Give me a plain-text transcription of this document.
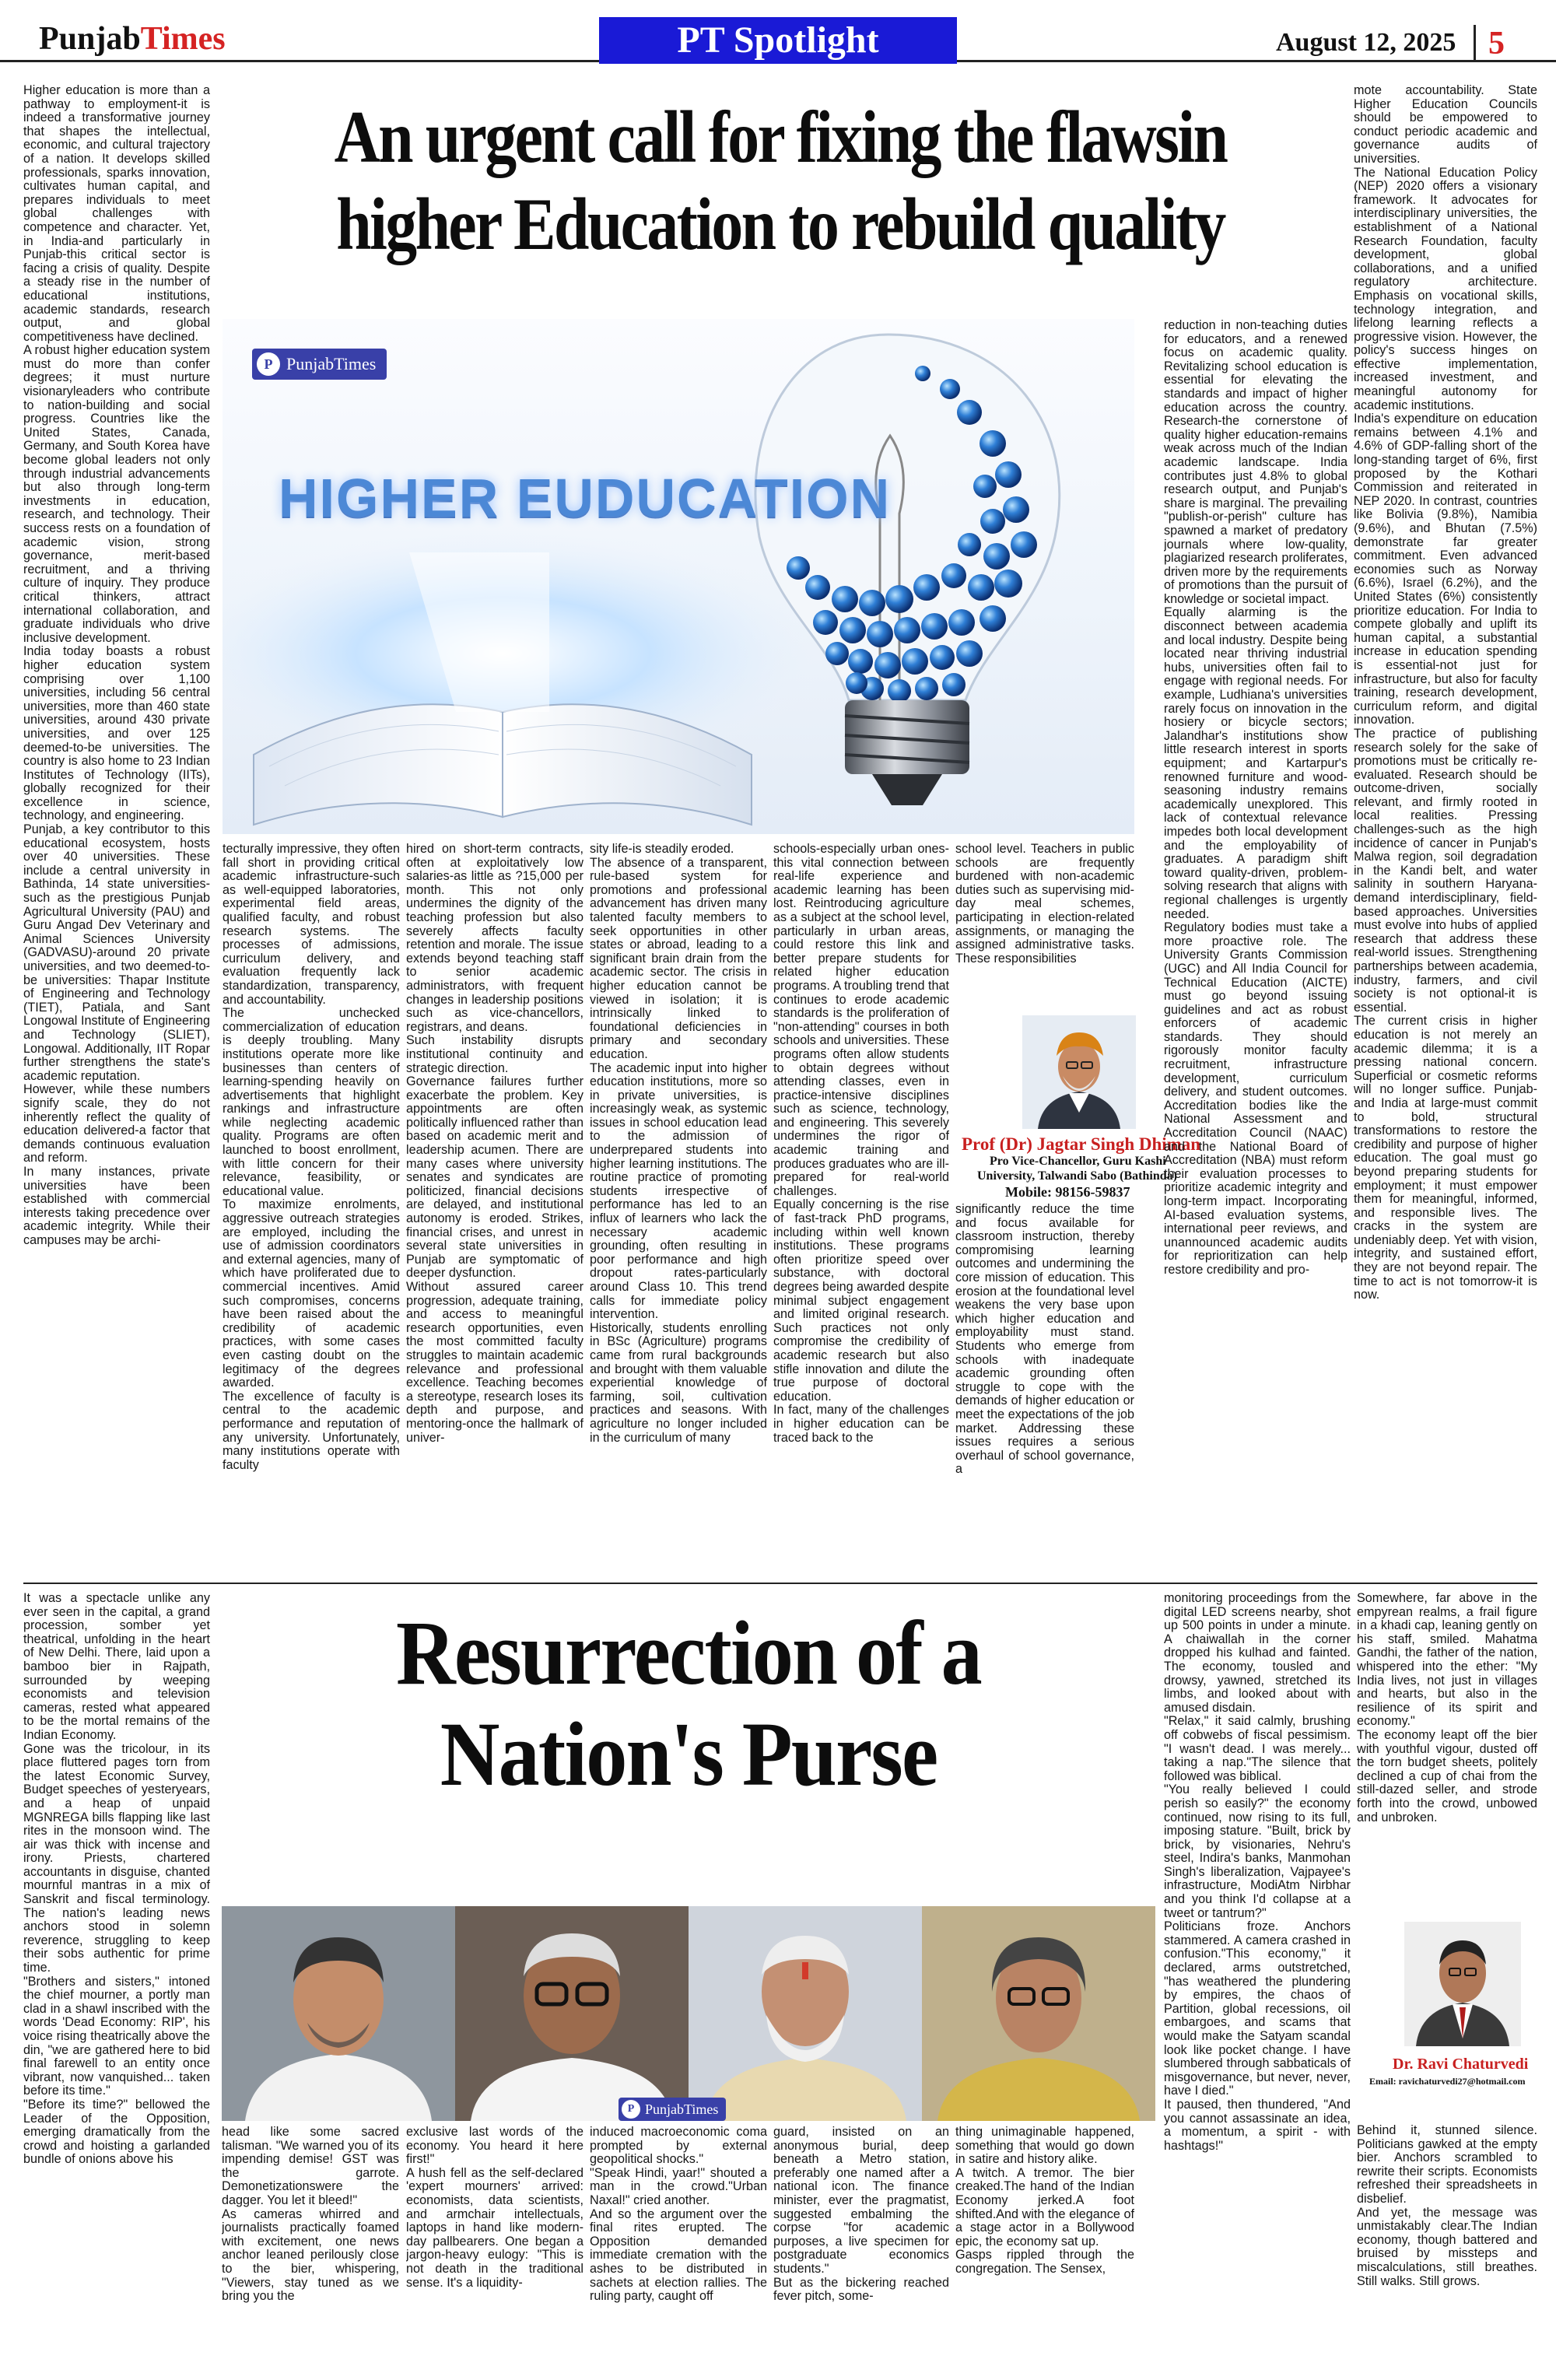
PunjabTimes	PT Spotlight	August 12, 2025 5

Higher education is more than a pathway to employment-it is indeed a transformative journey that shapes the intellectual, economic, and cultural trajectory of a nation. It develops skilled professionals, sparks innovation, cultivates human capital, and prepares individuals to meet global challenges with competence and character. Yet, in India-and particularly in Punjab-this critical sector is facing a crisis of quality. Despite a steady rise in the number of educational institutions, academic standards, research output, and global competitiveness have declined.
A robust higher education system must do more than confer degrees; it must nurture visionaryleaders who contribute to nation-building and social progress. Countries like the United States, Canada, Germany, and South Korea have become global leaders not only through industrial advancements but also through long-term investments in education, research, and technology. Their success rests on a foundation of academic vision, strong governance, merit-based recruitment, and a thriving culture of inquiry. They produce critical thinkers, attract international collaboration, and graduate individuals who drive inclusive development.
India today boasts a robust higher education system comprising over 1,100 universities, including 56 central universities, more than 460 state universities, around 430 private universities, and over 125 deemed-to-be universities. The country is also home to 23 Indian Institutes of Technology (IITs), globally recognized for their excellence in science, technology, and engineering.
Punjab, a key contributor to this educational ecosystem, hosts over 40 universities. These include a central university in Bathinda, 14 state universities-such as the prestigious Punjab Agricultural University (PAU) and Guru Angad Dev Veterinary and Animal Sciences University (GADVASU)-around 20 private universities, and two deemed-to-be universities: Thapar Institute of Engineering and Technology (TIET), Patiala, and Sant Longowal Institute of Engineering and Technology (SLIET), Longowal. Additionally, IIT Ropar further strengthens the state's academic reputation.
However, while these numbers signify scale, they do not inherently reflect the quality of education delivered-a factor that demands continuous evaluation and reform.
In many instances, private universities have been established with commercial interests taking precedence over academic integrity. While their campuses may be archi-

An urgent call for fixing the flawsin
higher Education to rebuild quality
P PunjabTimes
HIGHER EUDUCATION

tecturally impressive, they often fall short in providing critical academic infrastructure-such as well-equipped laboratories, experimental field areas, qualified faculty, and robust research systems. The processes of admissions, curriculum delivery, and evaluation frequently lack standardization, transparency, and accountability.
The unchecked commercialization of education is deeply troubling. Many institutions operate more like businesses than centers of learning-spending heavily on advertisements that highlight rankings and infrastructure while neglecting academic quality. Programs are often launched to boost enrollment, with little concern for their relevance, feasibility, or educational value.
To maximize enrolments, aggressive outreach strategies are employed, including the use of admission coordinators and external agencies, many of which have proliferated due to commercial incentives. Amid such compromises, concerns have been raised about the credibility of academic practices, with some cases even casting doubt on the legitimacy of the degrees awarded.
The excellence of faculty is central to the academic performance and reputation of any university. Unfortunately, many institutions operate with faculty

hired on short-term contracts, often at exploitatively low salaries-as little as ?15,000 per month. This not only undermines the dignity of the teaching profession but also severely affects faculty retention and morale. The issue extends beyond teaching staff to senior academic administrators, with frequent changes in leadership positions such as vice-chancellors, registrars, and deans.
Such instability disrupts institutional continuity and strategic direction.
Governance failures further exacerbate the problem. Key appointments are often politically influenced rather than based on academic merit and leadership acumen. There are many cases where university senates and syndicates are politicized, financial decisions are delayed, and institutional autonomy is eroded. Strikes, financial crises, and unrest in several state universities in Punjab are symptomatic of deeper dysfunction.
Without assured career progression, adequate training, and access to meaningful research opportunities, even the most committed faculty struggles to maintain academic relevance and professional excellence. Teaching becomes a stereotype, research loses its depth and purpose, and mentoring-once the hallmark of univer-

sity life-is steadily eroded.
The absence of a transparent, rule-based system for promotions and professional advancement has driven many talented faculty members to seek opportunities in other states or abroad, leading to a significant brain drain from the academic sector. The crisis in higher education cannot be viewed in isolation; it is intrinsically linked to foundational deficiencies in primary and secondary education.
The academic input into higher education institutions, more so in private universities, is increasingly weak, as systemic issues in school education lead to the admission of underprepared students into higher learning institutions. The routine practice of promoting students irrespective of performance has led to an influx of learners who lack the necessary academic grounding, often resulting in poor performance and high dropout rates-particularly around Class 10. This trend calls for immediate policy intervention.
Historically, students enrolling in BSc (Agriculture) programs came from rural backgrounds and brought with them valuable experiential knowledge of farming, soil, cultivation practices and seasons. With agriculture no longer included in the curriculum of many

schools-especially urban ones-this vital connection between real-life experience and academic learning has been lost. Reintroducing agriculture as a subject at the school level, particularly in urban areas, could restore this link and better prepare students for related higher education programs. A troubling trend that continues to erode academic standards is the proliferation of "non-attending" courses in both schools and universities. These programs often allow students to obtain degrees without attending classes, even in practice-intensive disciplines such as science, technology, and engineering. This severely undermines the rigor of academic training and produces graduates who are ill-prepared for real-world challenges.
Equally concerning is the rise of fast-track PhD programs, including within well known institutions. These programs often prioritize speed over substance, with doctoral degrees being awarded despite minimal subject engagement and limited original research. Such practices not only compromise the credibility of academic research but also stifle innovation and dilute the true purpose of doctoral education.
In fact, many of the challenges in higher education can be traced back to the

school level. Teachers in public schools are frequently burdened with non-academic duties such as supervising mid-day meal schemes, participating in election-related assignments, or managing the assigned administrative tasks. These responsibilities

Prof (Dr) Jagtar Singh Dhiman
Pro Vice-Chancellor, Guru Kashi
University, Talwandi Sabo (Bathinda)
Mobile: 98156-59837

significantly reduce the time and focus available for classroom instruction, thereby compromising learning outcomes and undermining the core mission of education. This erosion at the foundational level weakens the very base upon which higher education and employability must stand. Students who emerge from schools with inadequate academic grounding often struggle to cope with the demands of higher education or meet the expectations of the job market. Addressing these issues requires a serious overhaul of school governance, a

reduction in non-teaching duties for educators, and a renewed focus on academic quality. Revitalizing school education is essential for elevating the standards and impact of higher education across the country. Research-the cornerstone of quality higher education-remains weak across much of the Indian academic landscape. India contributes just 4.8% to global research output, and Punjab's share is marginal. The prevailing "publish-or-perish" culture has spawned a market of predatory journals where low-quality, plagiarized research proliferates, driven more by the requirements of promotions than the pursuit of knowledge or societal impact.
Equally alarming is the disconnect between academia and local industry. Despite being located near thriving industrial hubs, universities often fail to engage with regional needs. For example, Ludhiana's universities rarely focus on innovation in the hosiery or bicycle sectors; Jalandhar's institutions show little research interest in sports equipment; and Kartarpur's renowned furniture and wood-seasoning industry remains academically unexplored. This lack of contextual relevance impedes both local development and the employability of graduates. A paradigm shift toward quality-driven, problem-solving research that aligns with regional challenges is urgently needed.
Regulatory bodies must take a more proactive role. The University Grants Commission (UGC) and All India Council for Technical Education (AICTE) must go beyond issuing guidelines and act as robust enforcers of academic standards. They should rigorously monitor faculty recruitment, infrastructure development, curriculum delivery, and student outcomes. Accreditation bodies like the National Assessment and Accreditation Council (NAAC) and the National Board of Accreditation (NBA) must reform their evaluation processes to prioritize academic integrity and long-term impact. Incorporating AI-based evaluation systems, international peer reviews, and unannounced academic audits for reprioritization can help restore credibility and pro-

mote accountability. State Higher Education Councils should be empowered to conduct periodic academic and governance audits of universities.
The National Education Policy (NEP) 2020 offers a visionary framework. It advocates for interdisciplinary universities, the establishment of a National Research Foundation, faculty development, global collaborations, and a unified regulatory architecture. Emphasis on vocational skills, technology integration, and lifelong learning reflects a progressive vision. However, the policy's success hinges on effective implementation, increased investment, and meaningful autonomy for academic institutions.
India's expenditure on education remains between 4.1% and 4.6% of GDP-falling short of the long-standing target of 6%, first proposed by the Kothari Commission and reiterated in NEP 2020. In contrast, countries like Bolivia (9.8%), Namibia (9.6%), and Bhutan (7.5%) demonstrate far greater commitment. Even advanced economies such as Norway (6.6%), Israel (6.2%), and the United States (6%) consistently prioritize education. For India to compete globally and uplift its human capital, a substantial increase in education spending is essential-not just for infrastructure, but also for faculty training, research development, curriculum reform, and digital innovation.
The practice of publishing research solely for the sake of promotions must be critically re-evaluated. Research should be outcome-driven, socially relevant, and firmly rooted in local realities. Pressing challenges-such as the high incidence of cancer in Punjab's Malwa region, soil degradation in the Kandi belt, and water salinity in southern Haryana-demand interdisciplinary, field-based approaches. Universities must evolve into hubs of applied research that address these real-world issues. Strengthening partnerships between academia, industry, farmers, and civil society is not optional-it is essential.
The current crisis in higher education is not merely an academic dilemma; it is a pressing national concern. Superficial or cosmetic reforms will no longer suffice. Punjab-and India at large-must commit to bold, structural transformations to restore the credibility and purpose of higher education. The goal must go beyond preparing students for employment; it must empower them for meaningful, informed, and responsible lives. The cracks in the system are undeniably deep. Yet with vision, integrity, and sustained effort, they are not beyond repair. The time to act is not tomorrow-it is now.

It was a spectacle unlike any ever seen in the capital, a grand procession, somber yet theatrical, unfolding in the heart of New Delhi. There, laid upon a bamboo bier in Rajpath, surrounded by weeping economists and television cameras, rested what appeared to be the mortal remains of the Indian Economy.
Gone was the tricolour, in its place fluttered pages torn from the latest Economic Survey, Budget speeches of yesteryears, and a heap of unpaid MGNREGA bills flapping like last rites in the monsoon wind. The air was thick with incense and irony. Priests, chartered accountants in disguise, chanted mournful mantras in a mix of Sanskrit and fiscal terminology. The nation's leading news anchors stood in solemn reverence, struggling to keep their sobs authentic for prime time.
"Brothers and sisters," intoned the chief mourner, a portly man clad in a shawl inscribed with the words 'Dead Economy: RIP', his voice rising theatrically above the din, "we are gathered here to bid final farewell to an entity once vibrant, now vanquished... taken before its time."
"Before its time?" bellowed the Leader of the Opposition, emerging dramatically from the crowd and hoisting a garlanded bundle of onions above his

Resurrection of a
Nation's Purse
P PunjabTimes

head like some sacred talisman. "We warned you of its impending demise! GST was the garrote. Demonetizationswere the dagger. You let it bleed!"
As cameras whirred and journalists practically foamed with excitement, one news anchor leaned perilously close to the bier, whispering, "Viewers, stay tuned as we bring you the

exclusive last words of the economy. You heard it here first!"
A hush fell as the self-declared 'expert mourners' arrived: economists, data scientists, and armchair intellectuals, laptops in hand like modern-day pallbearers. One began a jargon-heavy eulogy: "This is not death in the traditional sense. It's a liquidity-

induced macroeconomic coma prompted by external geopolitical shocks."
"Speak Hindi, yaar!" shouted a man in the crowd."Urban Naxal!" cried another.
And so the argument over the final rites erupted. The Opposition demanded immediate cremation with the ashes to be distributed in sachets at election rallies. The ruling party, caught off

guard, insisted on an anonymous burial, deep beneath a Metro station, preferably one named after a national icon. The finance minister, ever the pragmatist, suggested embalming the corpse "for academic purposes, a live specimen for postgraduate economics students."
But as the bickering reached fever pitch, some-

thing unimaginable happened, something that would go down in satire and history alike.
A twitch. A tremor. The bier creaked.The hand of the Indian Economy jerked.A foot shifted.And with the elegance of a stage actor in a Bollywood epic, the economy sat up.
Gasps rippled through the congregation. The Sensex,

monitoring proceedings from the digital LED screens nearby, shot up 500 points in under a minute. A chaiwallah in the corner dropped his kulhad and fainted. The economy, tousled and drowsy, yawned, stretched its limbs, and looked about with amused disdain.
"Relax," it said calmly, brushing off cobwebs of fiscal pessimism. "I wasn't dead. I was merely... taking a nap."The silence that followed was biblical.
"You really believed I could perish so easily?" the economy continued, now rising to its full, imposing stature. "Built, brick by brick, by visionaries, Nehru's steel, Indira's banks, Manmohan Singh's liberalization, Vajpayee's infrastructure, ModiAtm Nirbhar and you think I'd collapse at a tweet or tantrum?"
Politicians froze. Anchors stammered. A camera crashed in confusion."This economy," it declared, arms outstretched, "has weathered the plundering by empires, the chaos of Partition, global recessions, oil embargoes, and scams that would make the Satyam scandal look like pocket change. I have slumbered through sabbaticals of misgovernance, but never, never, have I died."
It paused, then thundered, "And you cannot assassinate an idea, a momentum, a spirit - with hashtags!"

Somewhere, far above in the empyrean realms, a frail figure in a khadi cap, leaning gently on his staff, smiled. Mahatma Gandhi, the father of the nation, whispered into the ether: "My India lives, not just in villages and hearts, but also in the resilience of its spirit and economy."
The economy leapt off the bier with youthful vigour, dusted off the torn budget sheets, politely declined a cup of chai from the still-dazed seller, and strode forth into the crowd, unbowed and unbroken.

Dr. Ravi Chaturvedi
Email: ravichaturvedi27@hotmail.com

Behind it, stunned silence. Politicians gawked at the empty bier. Anchors scrambled to rewrite their scripts. Economists refreshed their spreadsheets in disbelief.
And yet, the message was unmistakably clear.The Indian economy, though battered and bruised by missteps and miscalculations, still breathes. Still walks. Still grows.
